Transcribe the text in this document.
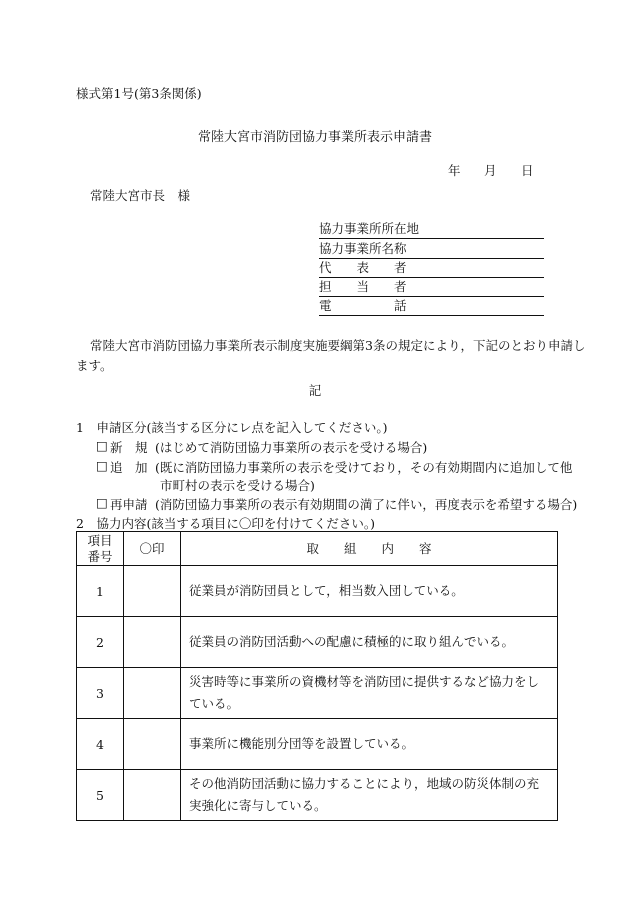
様式第1号(第3条関係)
常陸大宮市消防団協力事業所表示申請書
年 月 日
常陸大宮市長　様
協力事業所所在地
協力事業所名称
代　　表　　者
担　　当　　者
電　　　　　話
常陸大宮市消防団協力事業所表示制度実施要綱第3条の規定により，下記のとおり申請し
ます。
記
1　申請区分(該当する区分にレ点を記入してください。)
□ 新　規 (はじめて消防団協力事業所の表示を受ける場合)
□ 追　加 (既に消防団協力事業所の表示を受けており，その有効期間内に追加して他
市町村の表示を受ける場合)
□ 再申請 (消防団協力事業所の表示有効期間の満了に伴い，再度表示を希望する場合)
2　協力内容(該当する項目に〇印を付けてください。)
項目
番号	〇印	取　　組　　内　　容
1		従業員が消防団員として，相当数入団している。
2		従業員の消防団活動への配慮に積極的に取り組んでいる。
3		災害時等に事業所の資機材等を消防団に提供するなど協力をしている。
4		事業所に機能別分団等を設置している。
5		その他消防団活動に協力することにより，地域の防災体制の充実強化に寄与している。
